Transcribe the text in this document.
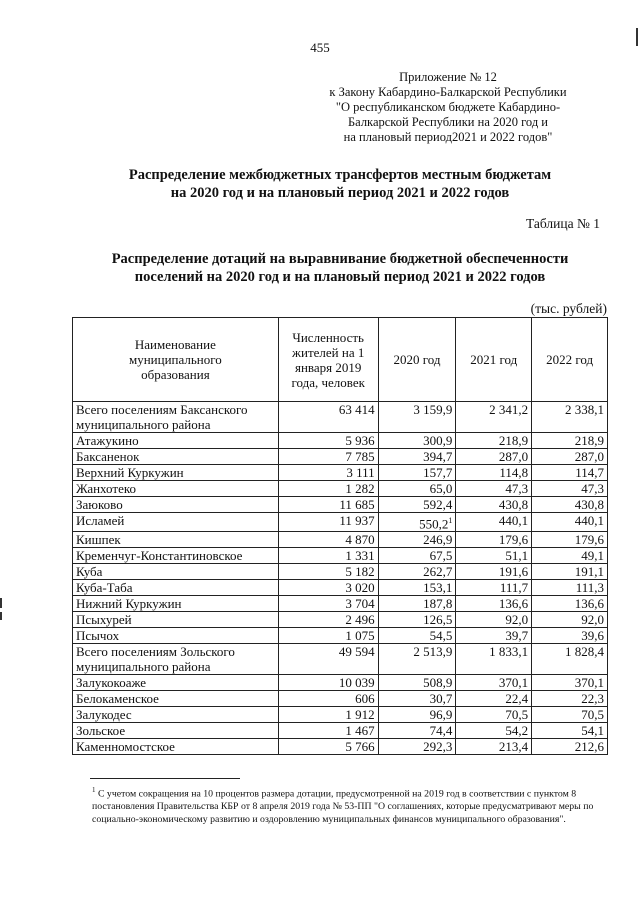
455
Приложение № 12
к Закону Кабардино-Балкарской Республики
"О республиканском бюджете Кабардино-
Балкарской Республики на 2020 год и
на плановый период2021 и 2022 годов"
Распределение межбюджетных трансфертов местным бюджетам
на 2020 год и на плановый период 2021 и 2022 годов
Таблица № 1
Распределение дотаций на выравнивание бюджетной обеспеченности
поселений на 2020 год и на плановый период 2021 и 2022 годов
(тыс. рублей)
Наименование муниципального образования	Численность жителей на 1 января 2019 года, человек	2020 год	2021 год	2022 год
Всего поселениям Баксанского муниципального района	63 414	3 159,9	2 341,2	2 338,1
Атажукино	5 936	300,9	218,9	218,9
Баксаненок	7 785	394,7	287,0	287,0
Верхний Куркужин	3 111	157,7	114,8	114,7
Жанхотеко	1 282	65,0	47,3	47,3
Заюково	11 685	592,4	430,8	430,8
Исламей	11 937	550,2$^1$	440,1	440,1
Кишпек	4 870	246,9	179,6	179,6
Кременчуг-Константиновское	1 331	67,5	51,1	49,1
Куба	5 182	262,7	191,6	191,1
Куба-Таба	3 020	153,1	111,7	111,3
Нижний Куркужин	3 704	187,8	136,6	136,6
Псыхурей	2 496	126,5	92,0	92,0
Псычох	1 075	54,5	39,7	39,6
Всего поселениям Зольского муниципального района	49 594	2 513,9	1 833,1	1 828,4
Залукокоаже	10 039	508,9	370,1	370,1
Белокаменское	606	30,7	22,4	22,3
Залукодес	1 912	96,9	70,5	70,5
Зольское	1 467	74,4	54,2	54,1
Каменномостское	5 766	292,3	213,4	212,6
$^1$ С учетом сокращения на 10 процентов размера дотации, предусмотренной на 2019 год в соответствии с пунктом 8 постановления Правительства КБР от 8 апреля 2019 года № 53-ПП "О соглашениях, которые предусматривают меры по социально-экономическому развитию и оздоровлению муниципальных финансов муниципального образования".
